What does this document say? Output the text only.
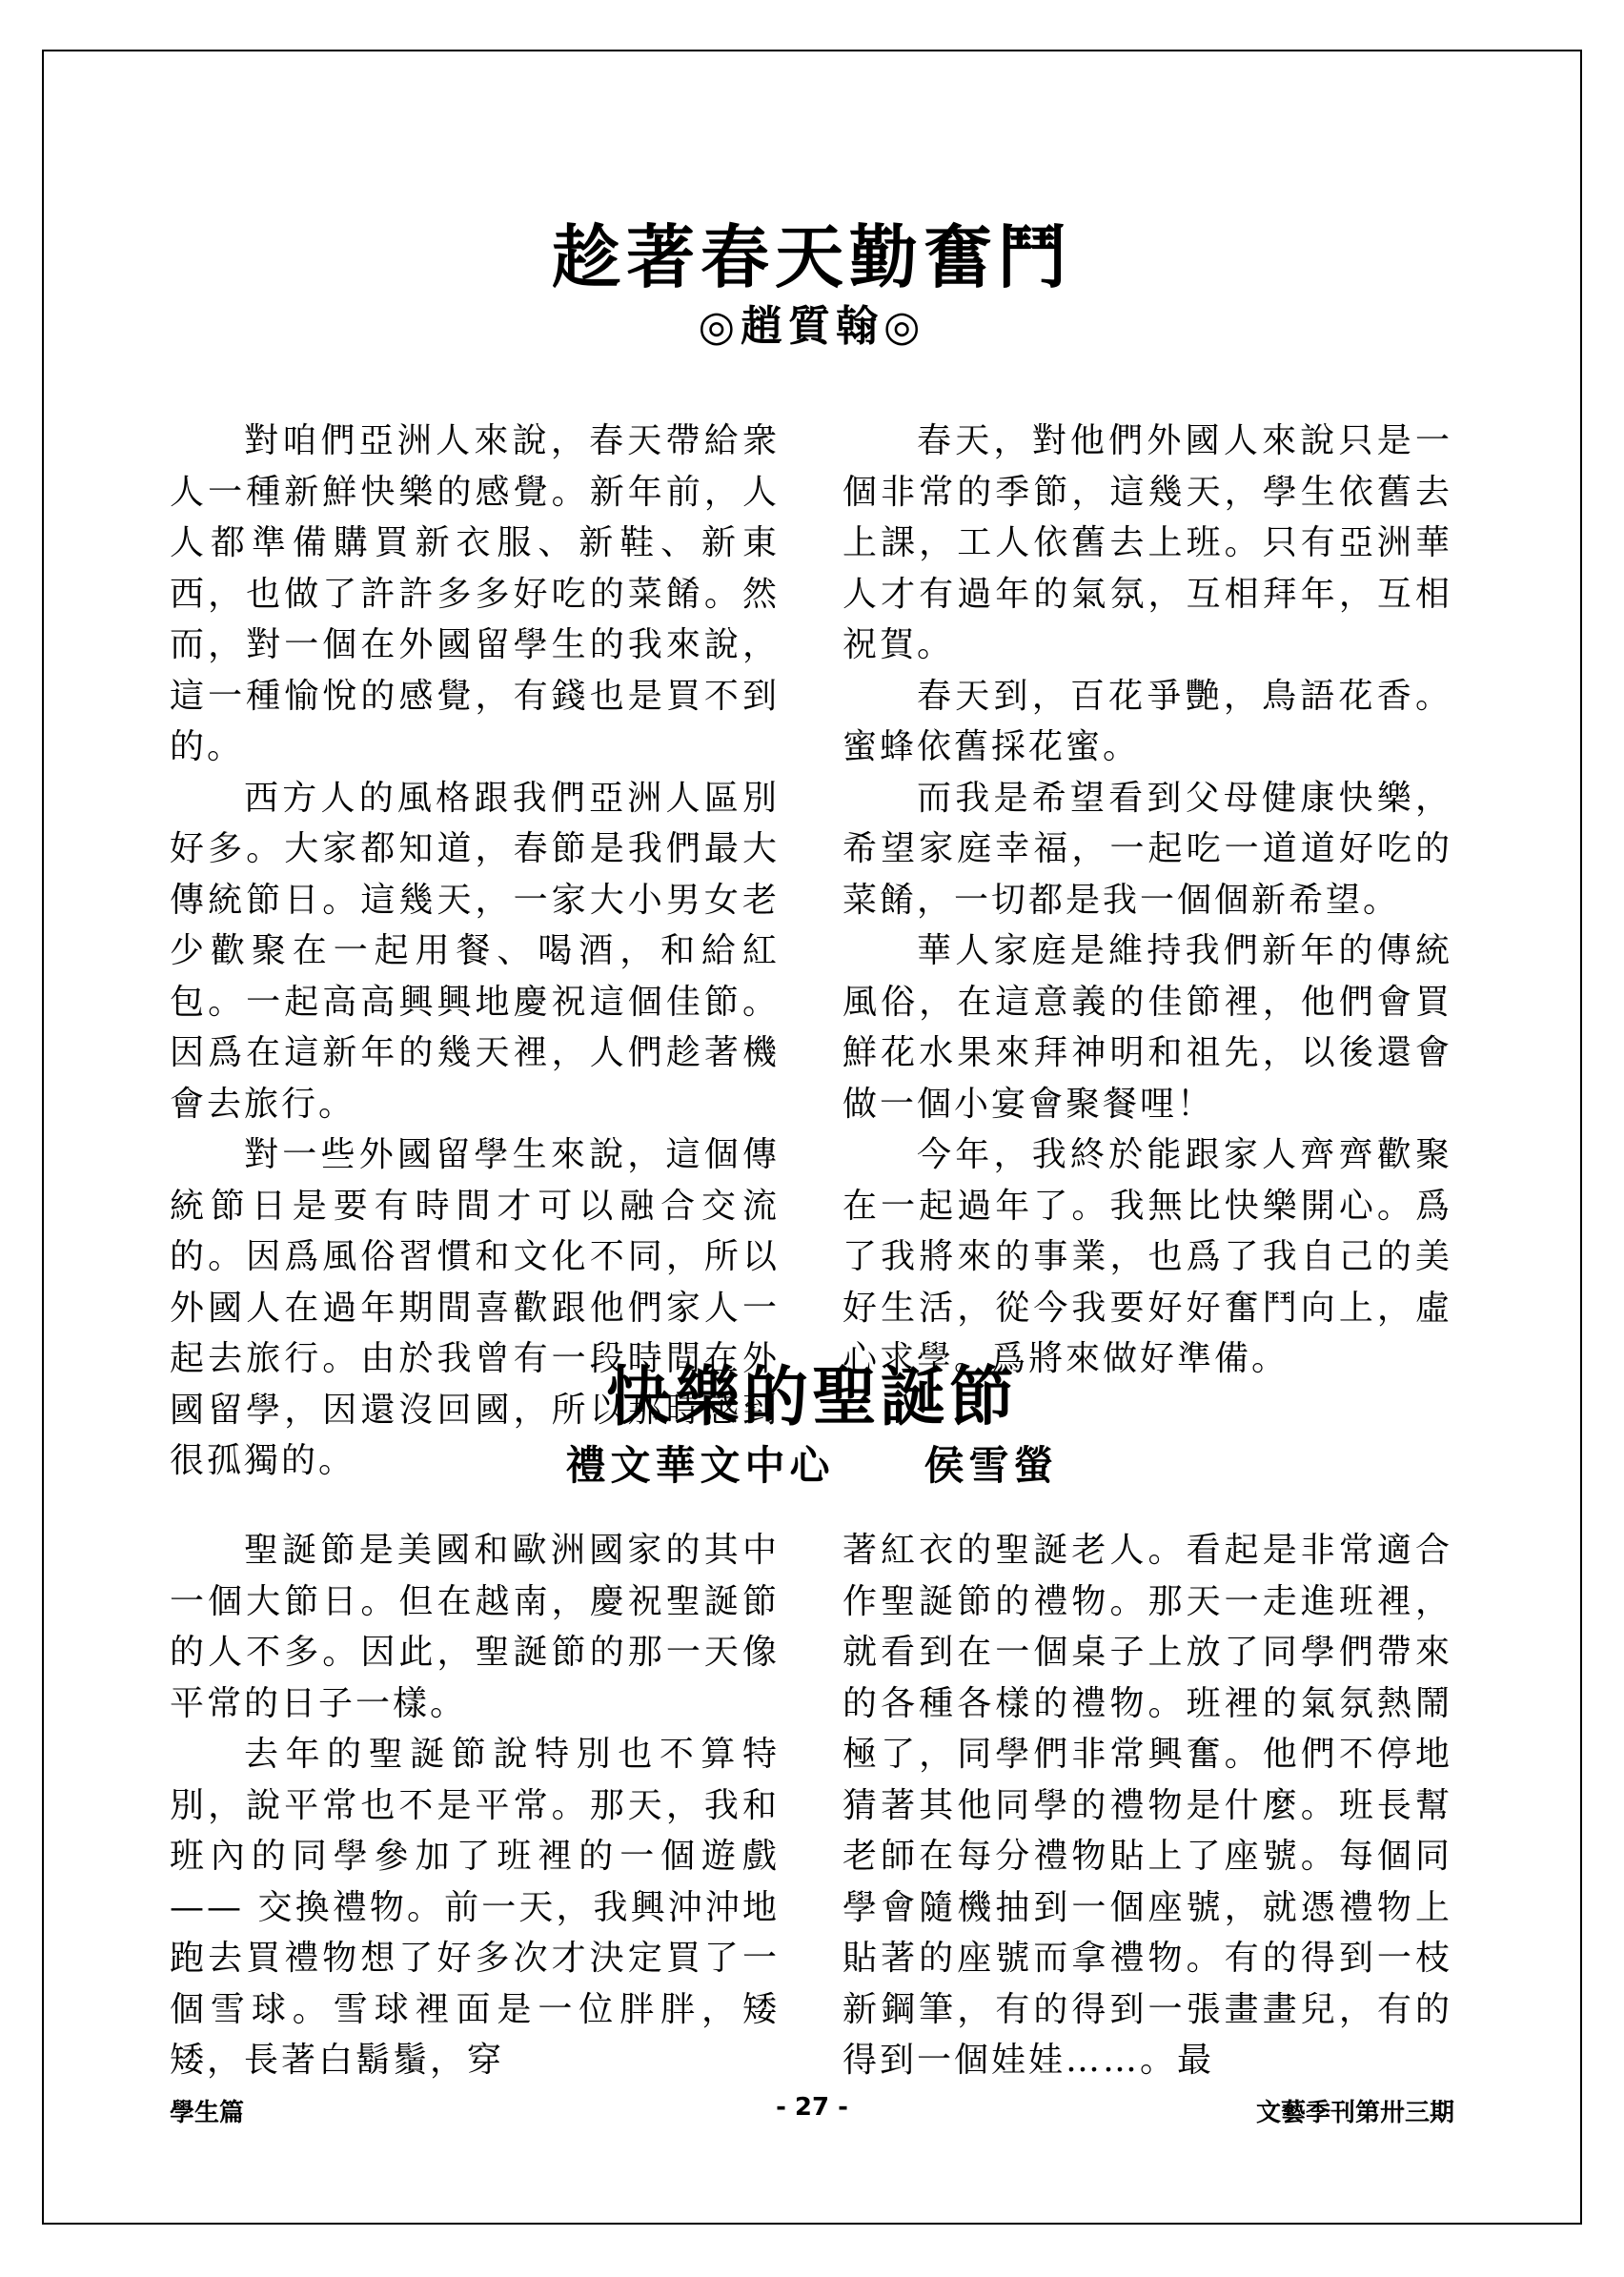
趁著春天勤奮鬥
◎趙質翰◎

對咱們亞洲人來說，春天帶給衆人一種新鮮快樂的感覺。新年前，人人都準備購買新衣服、新鞋、新東西，也做了許許多多好吃的菜餚。然而，對一個在外國留學生的我來說，這一種愉悅的感覺，有錢也是買不到的。

西方人的風格跟我們亞洲人區別好多。大家都知道，春節是我們最大傳統節日。這幾天，一家大小男女老少歡聚在一起用餐、喝酒，和給紅包。一起高高興興地慶祝這個佳節。因爲在這新年的幾天裡，人們趁著機會去旅行。

對一些外國留學生來說，這個傳統節日是要有時間才可以融合交流的。因爲風俗習慣和文化不同，所以外國人在過年期間喜歡跟他們家人一起去旅行。由於我曾有一段時間在外國留學，因還沒回國，所以那時感到很孤獨的。

春天，對他們外國人來說只是一個非常的季節，這幾天，學生依舊去上課，工人依舊去上班。只有亞洲華人才有過年的氣氛，互相拜年，互相祝賀。

春天到，百花爭艷，鳥語花香。蜜蜂依舊採花蜜。

而我是希望看到父母健康快樂，希望家庭幸福，一起吃一道道好吃的菜餚，一切都是我一個個新希望。

華人家庭是維持我們新年的傳統風俗，在這意義的佳節裡，他們會買鮮花水果來拜神明和祖先，以後還會做一個小宴會聚餐哩！

今年，我終於能跟家人齊齊歡聚在一起過年了。我無比快樂開心。爲了我將來的事業，也爲了我自己的美好生活，從今我要好好奮鬥向上，虛心求學。爲將來做好準備。

快樂的聖誕節
禮文華文中心　　侯雪螢

聖誕節是美國和歐洲國家的其中一個大節日。但在越南，慶祝聖誕節的人不多。因此，聖誕節的那一天像平常的日子一樣。

去年的聖誕節說特別也不算特別，說平常也不是平常。那天，我和班內的同學參加了班裡的一個遊戲 —— 交換禮物。前一天，我興沖沖地跑去買禮物想了好多次才決定買了一個雪球。雪球裡面是一位胖胖，矮矮，長著白鬍鬚，穿

著紅衣的聖誕老人。看起是非常適合作聖誕節的禮物。那天一走進班裡，就看到在一個桌子上放了同學們帶來的各種各樣的禮物。班裡的氣氛熱鬧極了，同學們非常興奮。他們不停地猜著其他同學的禮物是什麼。班長幫老師在每分禮物貼上了座號。每個同學會隨機抽到一個座號，就憑禮物上貼著的座號而拿禮物。有的得到一枝新鋼筆，有的得到一張畫畫兒，有的得到一個娃娃……。最

學生篇	- 27 -	文藝季刊第卅三期
